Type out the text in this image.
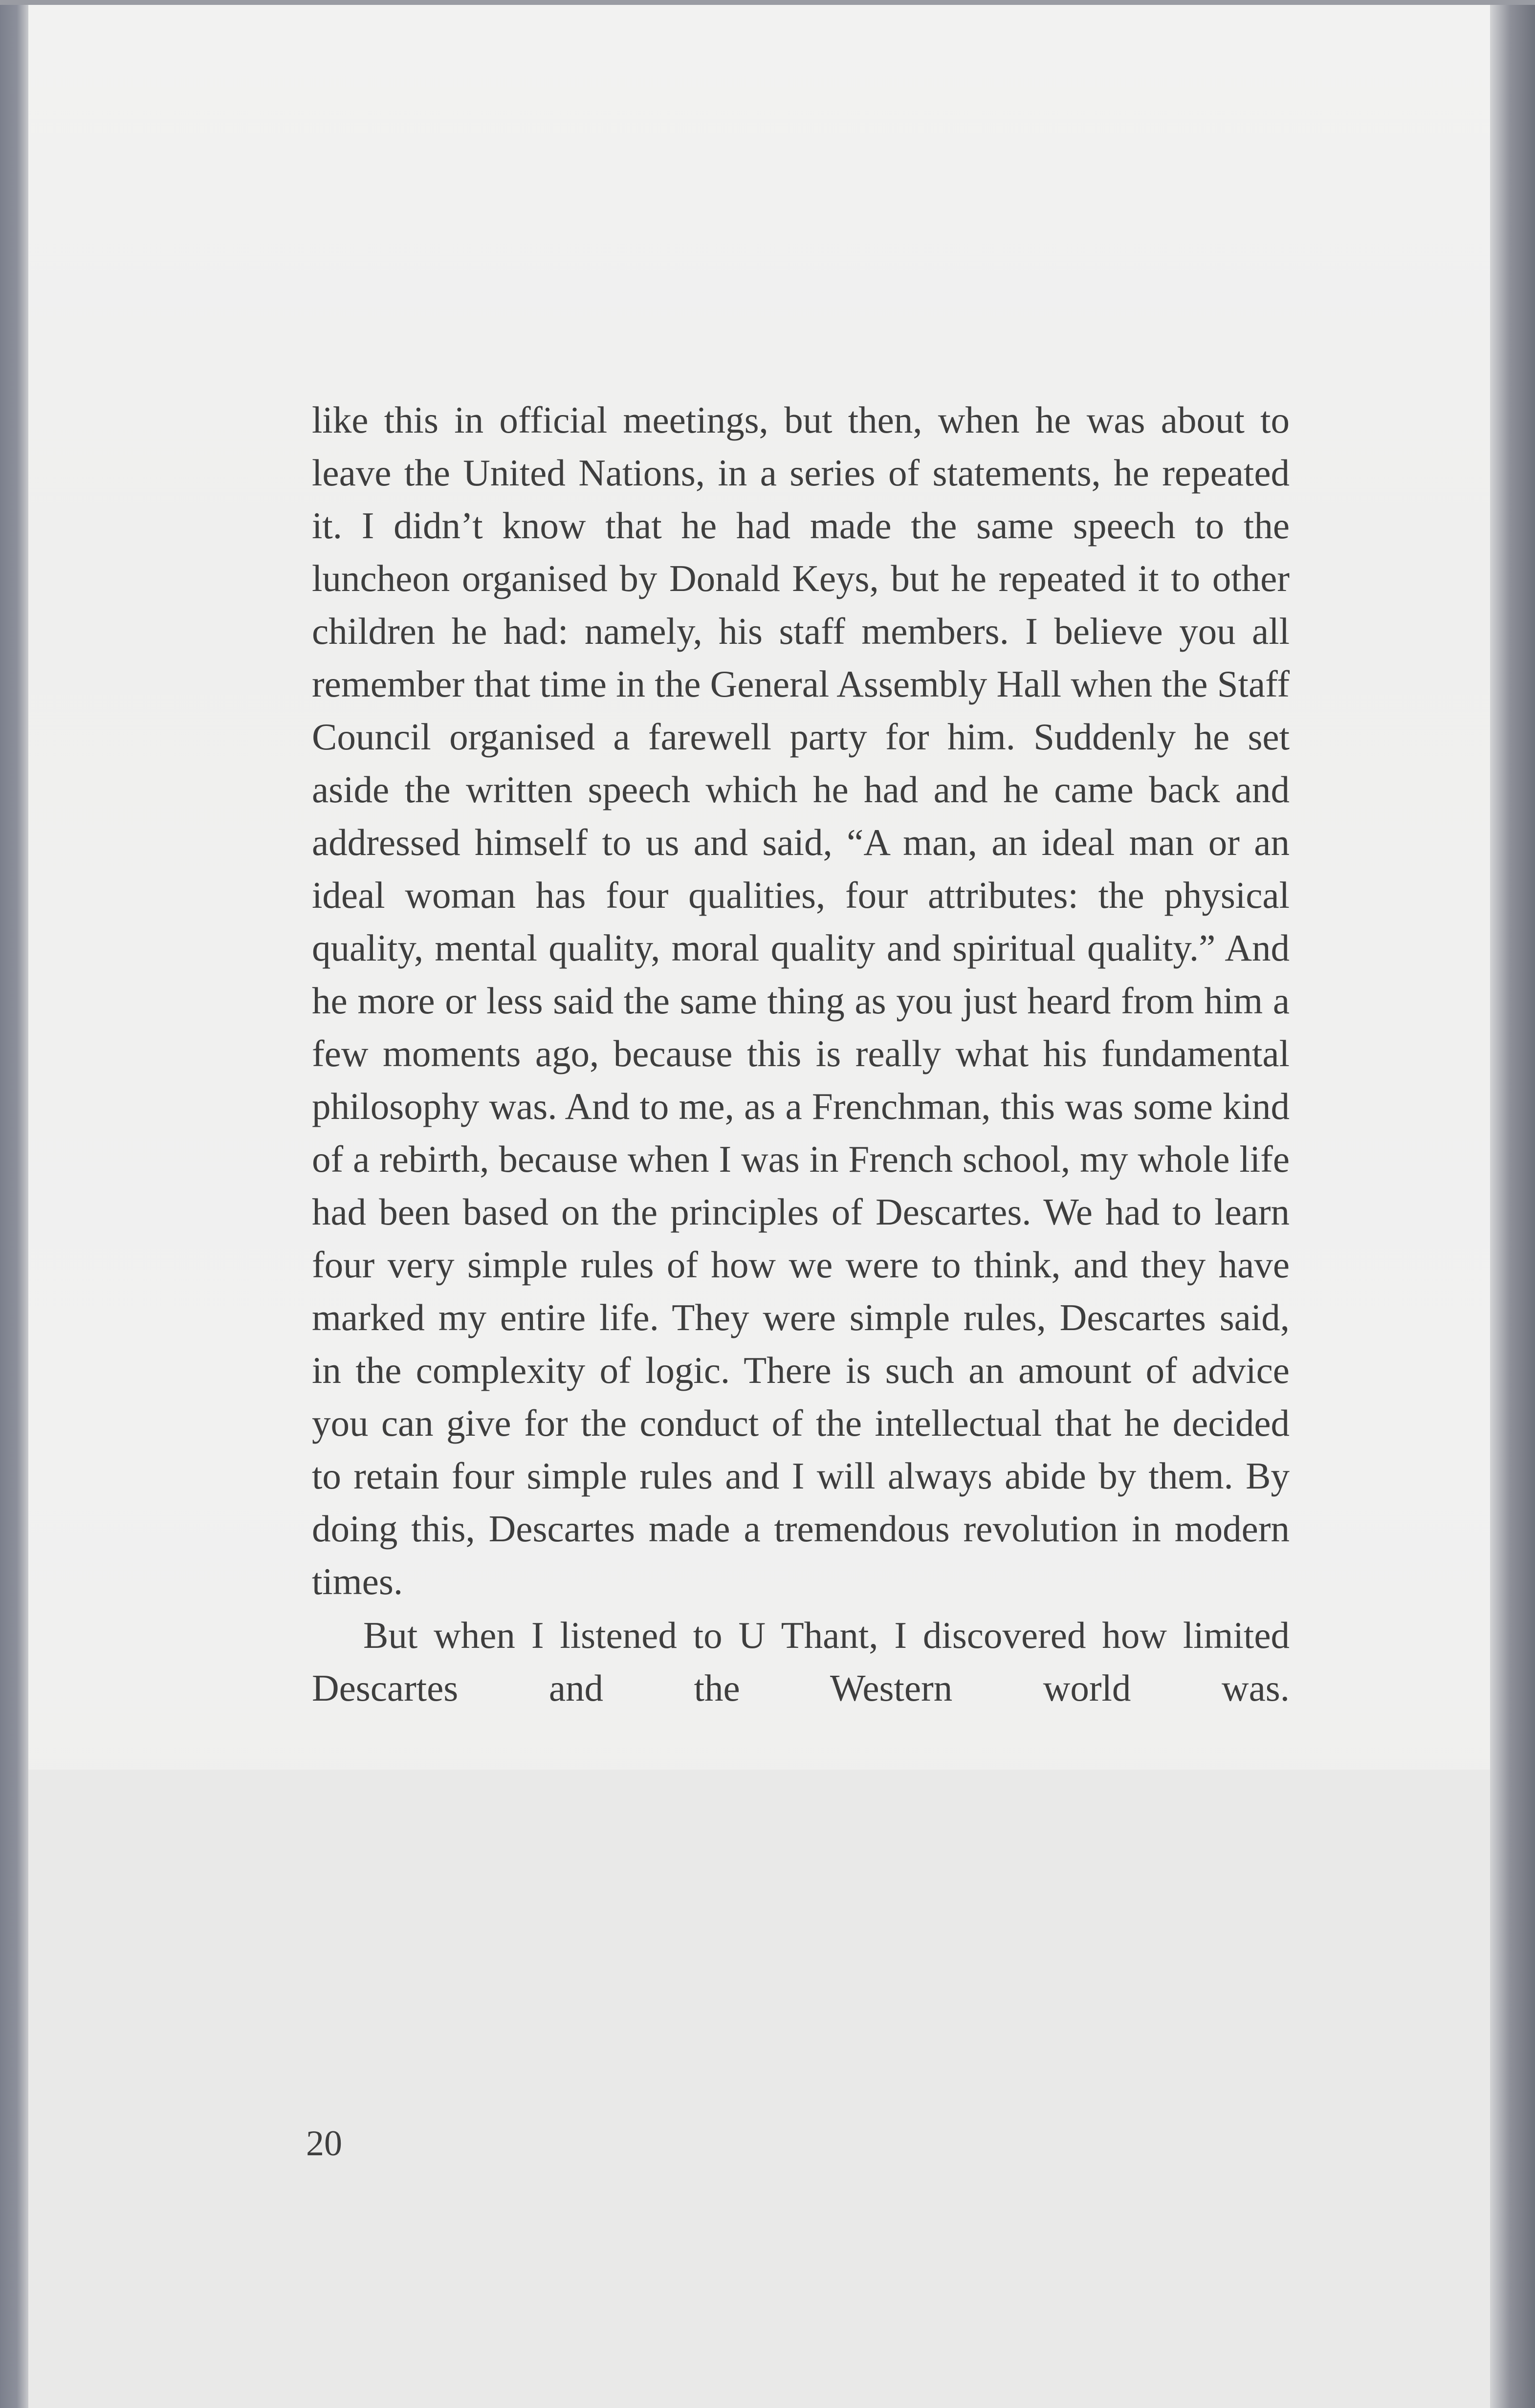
like this in official meetings, but then, when he was about to leave the United Nations, in a series of statements, he repeated it. I didn’t know that he had made the same speech to the luncheon organised by Donald Keys, but he repeated it to other children he had: namely, his staff members. I believe you all remember that time in the General Assembly Hall when the Staff Council organised a farewell party for him. Suddenly he set aside the written speech which he had and he came back and addressed himself to us and said, “A man, an ideal man or an ideal woman has four qualities, four attributes: the physical quality, mental quality, moral quality and spiritual quality.” And he more or less said the same thing as you just heard from him a few moments ago, because this is really what his fundamental philosophy was. And to me, as a Frenchman, this was some kind of a rebirth, because when I was in French school, my whole life had been based on the principles of Descartes. We had to learn four very simple rules of how we were to think, and they have marked my entire life. They were simple rules, Descartes said, in the complexity of logic. There is such an amount of advice you can give for the conduct of the intellectual that he decided to retain four simple rules and I will always abide by them. By doing this, Descartes made a tremendous revolution in modern times.

But when I listened to U Thant, I discovered how limited Descartes and the Western world was.

20
